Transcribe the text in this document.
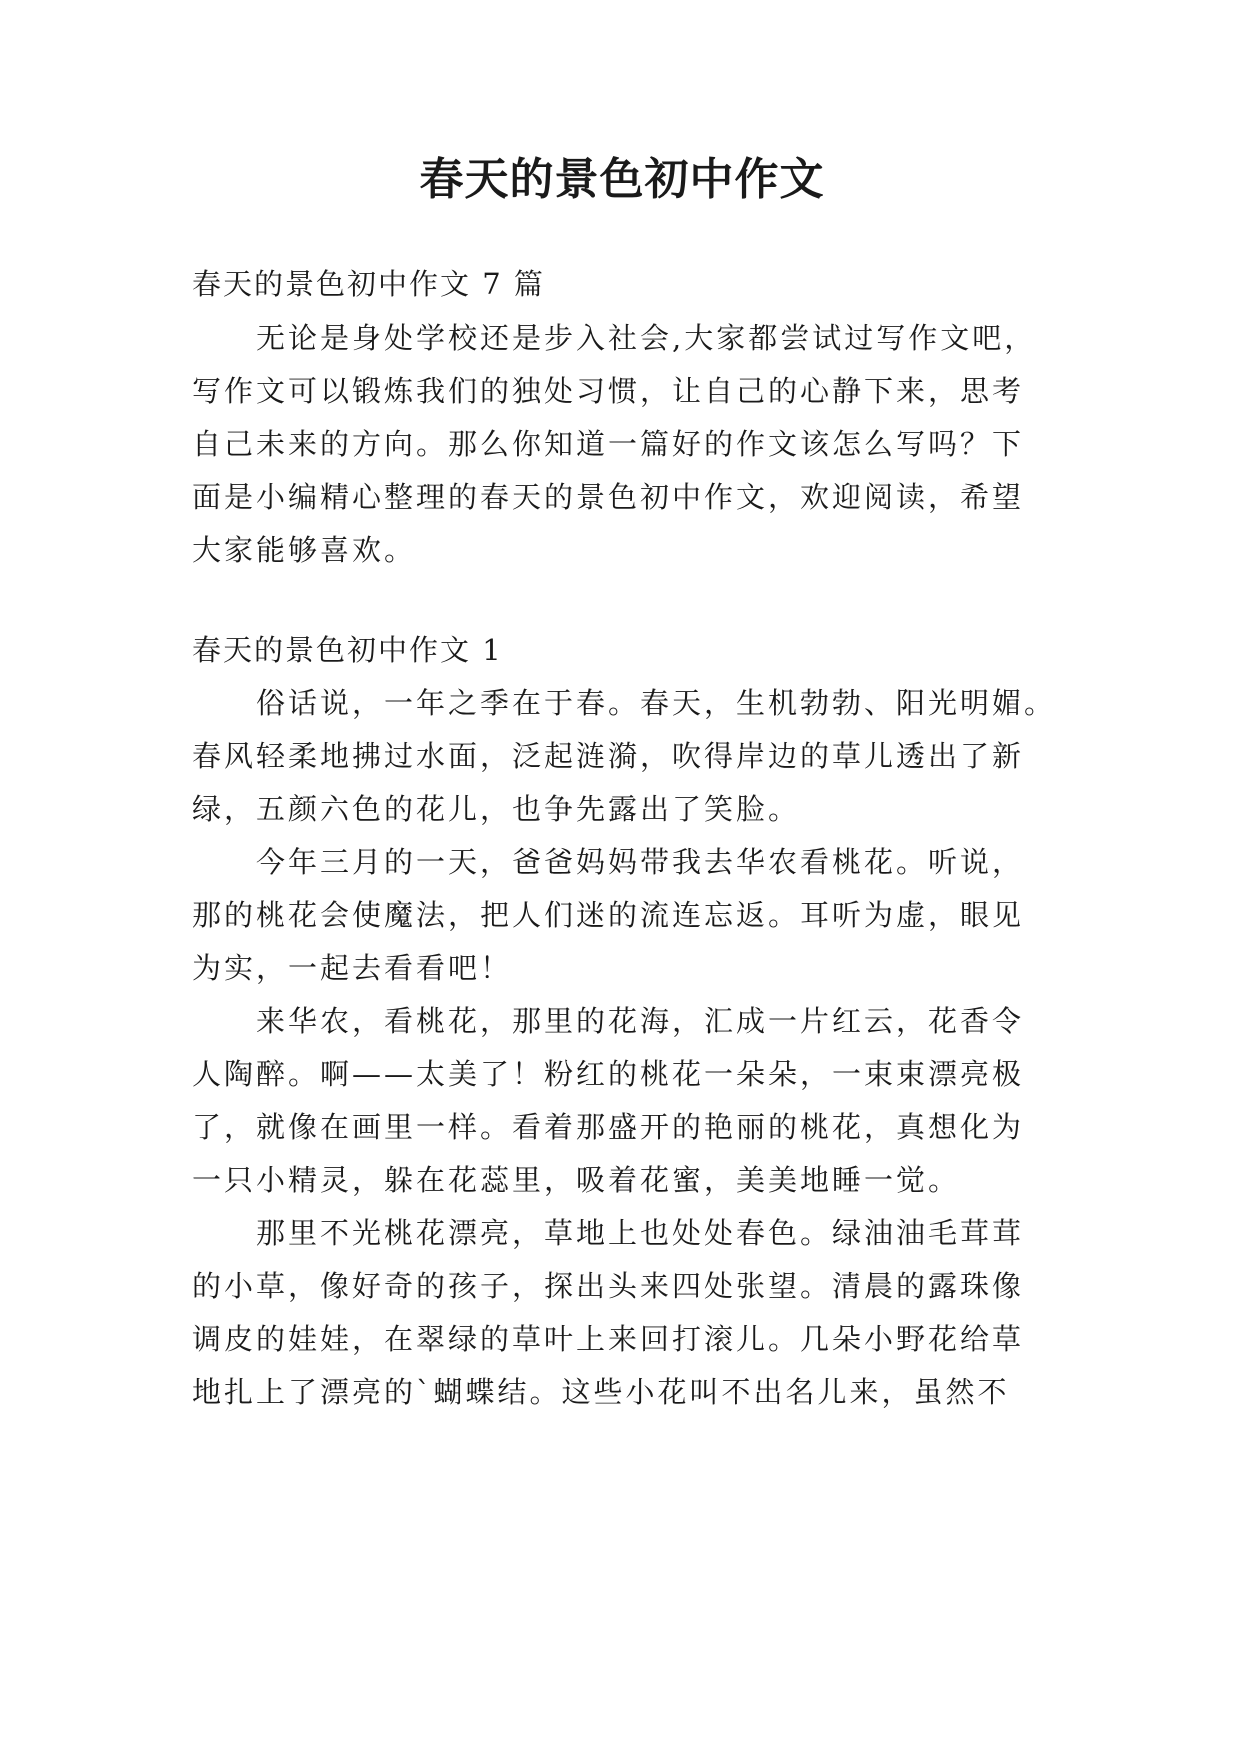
春天的景色初中作文

春天的景色初中作文 7 篇

无论是身处学校还是步入社会,大家都尝试过写作文吧，

写作文可以锻炼我们的独处习惯，让自己的心静下来，思考

自己未来的方向。那么你知道一篇好的作文该怎么写吗？下

面是小编精心整理的春天的景色初中作文，欢迎阅读，希望

大家能够喜欢。

春天的景色初中作文 1

俗话说，一年之季在于春。春天，生机勃勃、阳光明媚。

春风轻柔地拂过水面，泛起涟漪，吹得岸边的草儿透出了新

绿，五颜六色的花儿，也争先露出了笑脸。

今年三月的一天，爸爸妈妈带我去华农看桃花。听说，

那的桃花会使魔法，把人们迷的流连忘返。耳听为虚，眼见

为实，一起去看看吧！

来华农，看桃花，那里的花海，汇成一片红云，花香令

人陶醉。啊——太美了！粉红的桃花一朵朵，一束束漂亮极

了，就像在画里一样。看着那盛开的艳丽的桃花，真想化为

一只小精灵，躲在花蕊里，吸着花蜜，美美地睡一觉。

那里不光桃花漂亮，草地上也处处春色。绿油油毛茸茸

的小草，像好奇的孩子，探出头来四处张望。清晨的露珠像

调皮的娃娃，在翠绿的草叶上来回打滚儿。几朵小野花给草

地扎上了漂亮的`蝴蝶结。这些小花叫不出名儿来，虽然不
